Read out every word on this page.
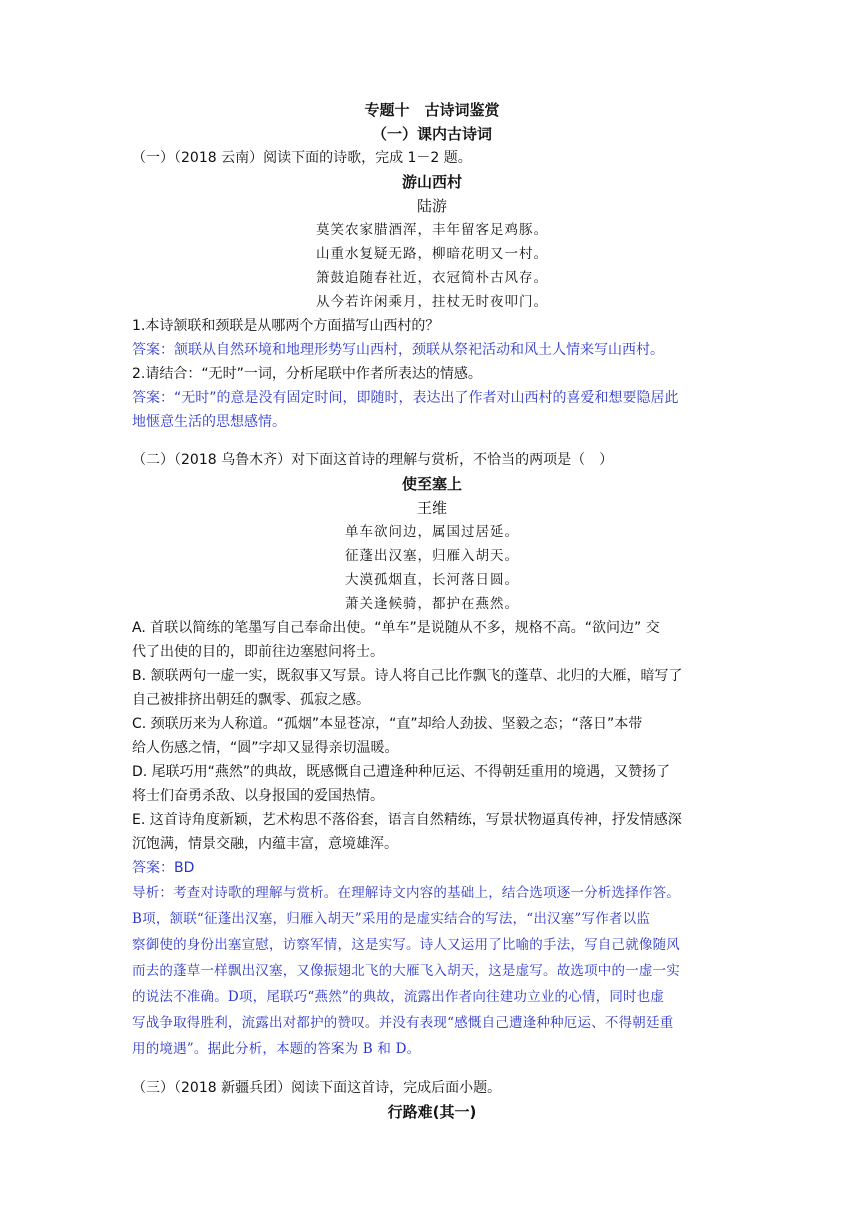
专题十　古诗词鉴赏
（一）课内古诗词
（一）（2018 云南）阅读下面的诗歌，完成 1－2 题。
游山西村
陆游
莫笑农家腊酒浑，丰年留客足鸡豚。
山重水复疑无路，柳暗花明又一村。
箫鼓追随春社近，衣冠简朴古风存。
从今若许闲乘月，拄杖无时夜叩门。
1.本诗颔联和颈联是从哪两个方面描写山西村的？
答案：颔联从自然环境和地理形势写山西村，颈联从祭祀活动和风土人情来写山西村。
2.请结合：“无时”一词，分析尾联中作者所表达的情感。
答案：“无时”的意是没有固定时间，即随时，表达出了作者对山西村的喜爱和想要隐居此
地惬意生活的思想感情。
（二）（2018 乌鲁木齐）对下面这首诗的理解与赏析，不恰当的两项是（　）
使至塞上
王维
单车欲问边，属国过居延。
征蓬出汉塞，归雁入胡天。
大漠孤烟直，长河落日圆。
萧关逢候骑，都护在燕然。
A. 首联以简练的笔墨写自己奉命出使。“单车”是说随从不多，规格不高。“欲问边” 交
代了出使的目的，即前往边塞慰问将士。
B. 颔联两句一虚一实，既叙事又写景。诗人将自己比作飘飞的蓬草、北归的大雁，暗写了
自己被排挤出朝廷的飘零、孤寂之感。
C. 颈联历来为人称道。“孤烟”本显苍凉，“直”却给人劲拔、坚毅之态；“落日”本带
给人伤感之情，“圆”字却又显得亲切温暖。
D. 尾联巧用“燕然”的典故，既感慨自己遭逢种种厄运、不得朝廷重用的境遇，又赞扬了
将士们奋勇杀敌、以身报国的爱国热情。
E. 这首诗角度新颖，艺术构思不落俗套，语言自然精练，写景状物逼真传神，抒发情感深
沉饱满，情景交融，内蕴丰富，意境雄浑。
答案：BD
导析：考查对诗歌的理解与赏析。在理解诗文内容的基础上，结合选项逐一分析选择作答。
B项，颔联“征蓬出汉塞，归雁入胡天”采用的是虚实结合的写法，“出汉塞”写作者以监
察御使的身份出塞宣慰，访察军情，这是实写。诗人又运用了比喻的手法，写自己就像随风
而去的蓬草一样飘出汉塞，又像振翅北飞的大雁飞入胡天，这是虚写。故选项中的一虚一实
的说法不准确。D项，尾联巧“燕然”的典故，流露出作者向往建功立业的心情，同时也虚
写战争取得胜利，流露出对都护的赞叹。并没有表现“感慨自己遭逢种种厄运、不得朝廷重
用的境遇”。据此分析，本题的答案为 B 和 D。
（三）（2018 新疆兵团）阅读下面这首诗，完成后面小题。
行路难(其一)
